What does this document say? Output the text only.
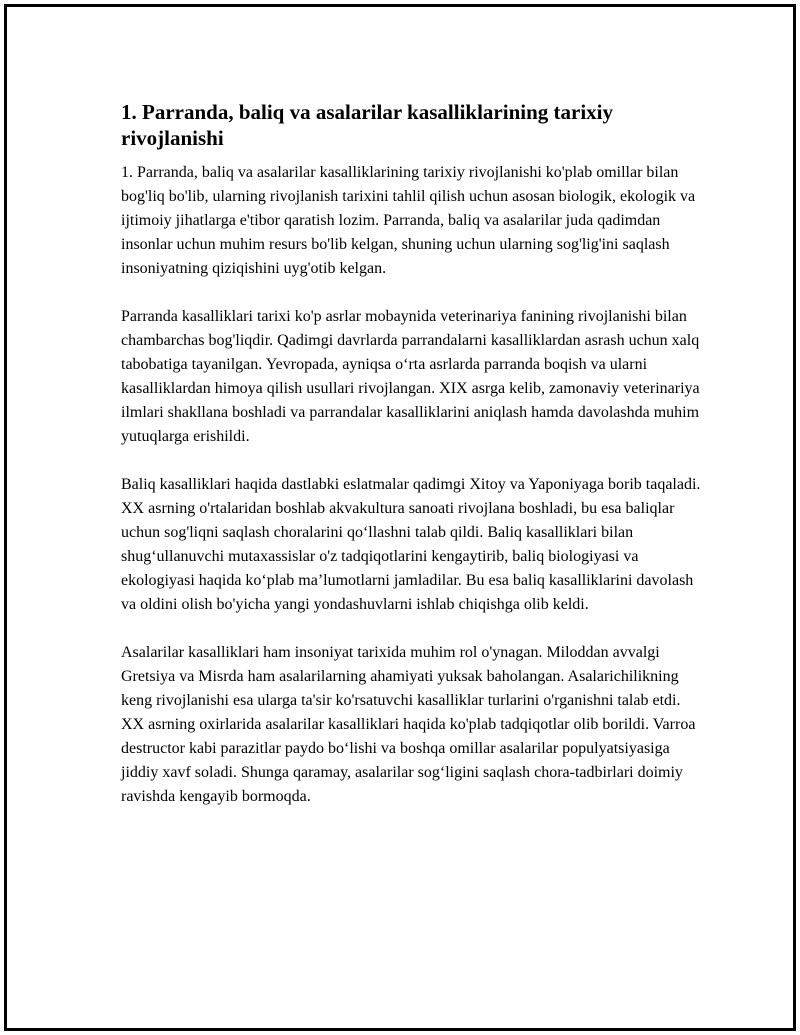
1. Parranda, baliq va asalarilar kasalliklarining tarixiy rivojlanishi

1. Parranda, baliq va asalarilar kasalliklarining tarixiy rivojlanishi ko'plab omillar bilan bog'liq bo'lib, ularning rivojlanish tarixini tahlil qilish uchun asosan biologik, ekologik va ijtimoiy jihatlarga e'tibor qaratish lozim. Parranda, baliq va asalarilar juda qadimdan insonlar uchun muhim resurs bo'lib kelgan, shuning uchun ularning sog'lig'ini saqlash insoniyatning qiziqishini uyg'otib kelgan.

Parranda kasalliklari tarixi ko'p asrlar mobaynida veterinariya fanining rivojlanishi bilan chambarchas bog'liqdir. Qadimgi davrlarda parrandalarni kasalliklardan asrash uchun xalq tabobatiga tayanilgan. Yevropada, ayniqsa o‘rta asrlarda parranda boqish va ularni kasalliklardan himoya qilish usullari rivojlangan. XIX asrga kelib, zamonaviy veterinariya ilmlari shakllana boshladi va parrandalar kasalliklarini aniqlash hamda davolashda muhim yutuqlarga erishildi.

Baliq kasalliklari haqida dastlabki eslatmalar qadimgi Xitoy va Yaponiyaga borib taqaladi. XX asrning o'rtalaridan boshlab akvakultura sanoati rivojlana boshladi, bu esa baliqlar uchun sog'liqni saqlash choralarini qo‘llashni talab qildi. Baliq kasalliklari bilan shug‘ullanuvchi mutaxassislar o'z tadqiqotlarini kengaytirib, baliq biologiyasi va ekologiyasi haqida ko‘plab ma’lumotlarni jamladilar. Bu esa baliq kasalliklarini davolash va oldini olish bo'yicha yangi yondashuvlarni ishlab chiqishga olib keldi.

Asalarilar kasalliklari ham insoniyat tarixida muhim rol o'ynagan. Miloddan avvalgi Gretsiya va Misrda ham asalarilarning ahamiyati yuksak baholangan. Asalarichilikning keng rivojlanishi esa ularga ta'sir ko'rsatuvchi kasalliklar turlarini o'rganishni talab etdi. XX asrning oxirlarida asalarilar kasalliklari haqida ko'plab tadqiqotlar olib borildi. Varroa destructor kabi parazitlar paydo bo‘lishi va boshqa omillar asalarilar populyatsiyasiga jiddiy xavf soladi. Shunga qaramay, asalarilar sog‘ligini saqlash chora-tadbirlari doimiy ravishda kengayib bormoqda.
